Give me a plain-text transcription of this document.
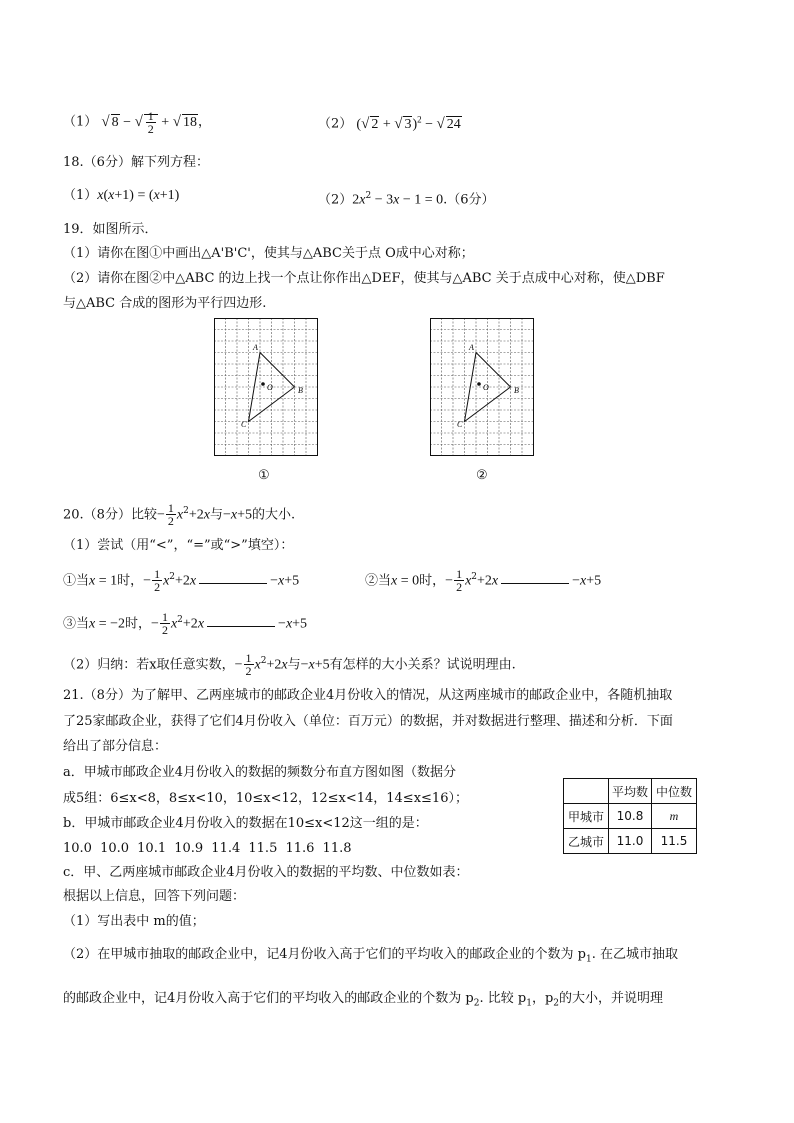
（1） √ 8 − √ $\frac{1}{2}$ + √ 18，	（2） (√ 2 + √ 3)$^2$ − √ 24
18.（6分）解下列方程：
（1）x(x+1) = (x+1)	$(2)2x^2 - 3x - 1 = 0.(6$分）
19．如图所示．
（1）请你在图①中画出△A'B'C'，使其与△ABC关于点 O成中心对称；
（2）请你在图②中△ABC 的边上找一个点让你作出△DEF，使其与△ABC 关于点成中心对称，使△DBF
与△ABC 合成的图形为平行四边形.
A
B
C
O
①
A
B
C
O
②
20.（8分）比较− $\frac{1}{2} x^2+2x$与−x+5的大小.
（1）尝试（用“<”，“=”或“>”填空）：
①当x = 1时，− $\frac{1}{2} x^2+2x$	−x+5	②当x = 0时，− $\frac{1}{2} x^2+2x$	−x+5
③当x = −2时，− $\frac{1}{2} x^2+2x$	−x+5
（2）归纳：若x取任意实数，− $\frac{1}{2} x^2+2x$与−x+5有怎样的大小关系？试说明理由.
21.（8分）为了解甲、乙两座城市的邮政企业4月份收入的情况，从这两座城市的邮政企业中，各随机抽取
了25家邮政企业，获得了它们4月份收入（单位：百万元）的数据，并对数据进行整理、描述和分析．下面
给出了部分信息：
a．甲城市邮政企业4月份收入的数据的频数分布直方图如图（数据分
成5组：6≤x<8，8≤x<10，10≤x<12，12≤x<14，14≤x≤16）；
b．甲城市邮政企业4月份收入的数据在10≤x<12这一组的是：
10.0 10.0 10.1 10.9 11.4 11.5 11.6 11.8
c．甲、乙两座城市邮政企业4月份收入的数据的平均数、中位数如表：
根据以上信息，回答下列问题：
（1）写出表中 m的值；
（2）在甲城市抽取的邮政企业中，记4月份收入高于它们的平均收入的邮政企业的个数为 $p_1$. 在乙城市抽取
的邮政企业中，记4月份收入高于它们的平均收入的邮政企业的个数为 $p_2$. 比较 $p_1$，$p_2$的大小，并说明理
	平均数	中位数
甲城市	10.8	m
乙城市	11.0	11.5
